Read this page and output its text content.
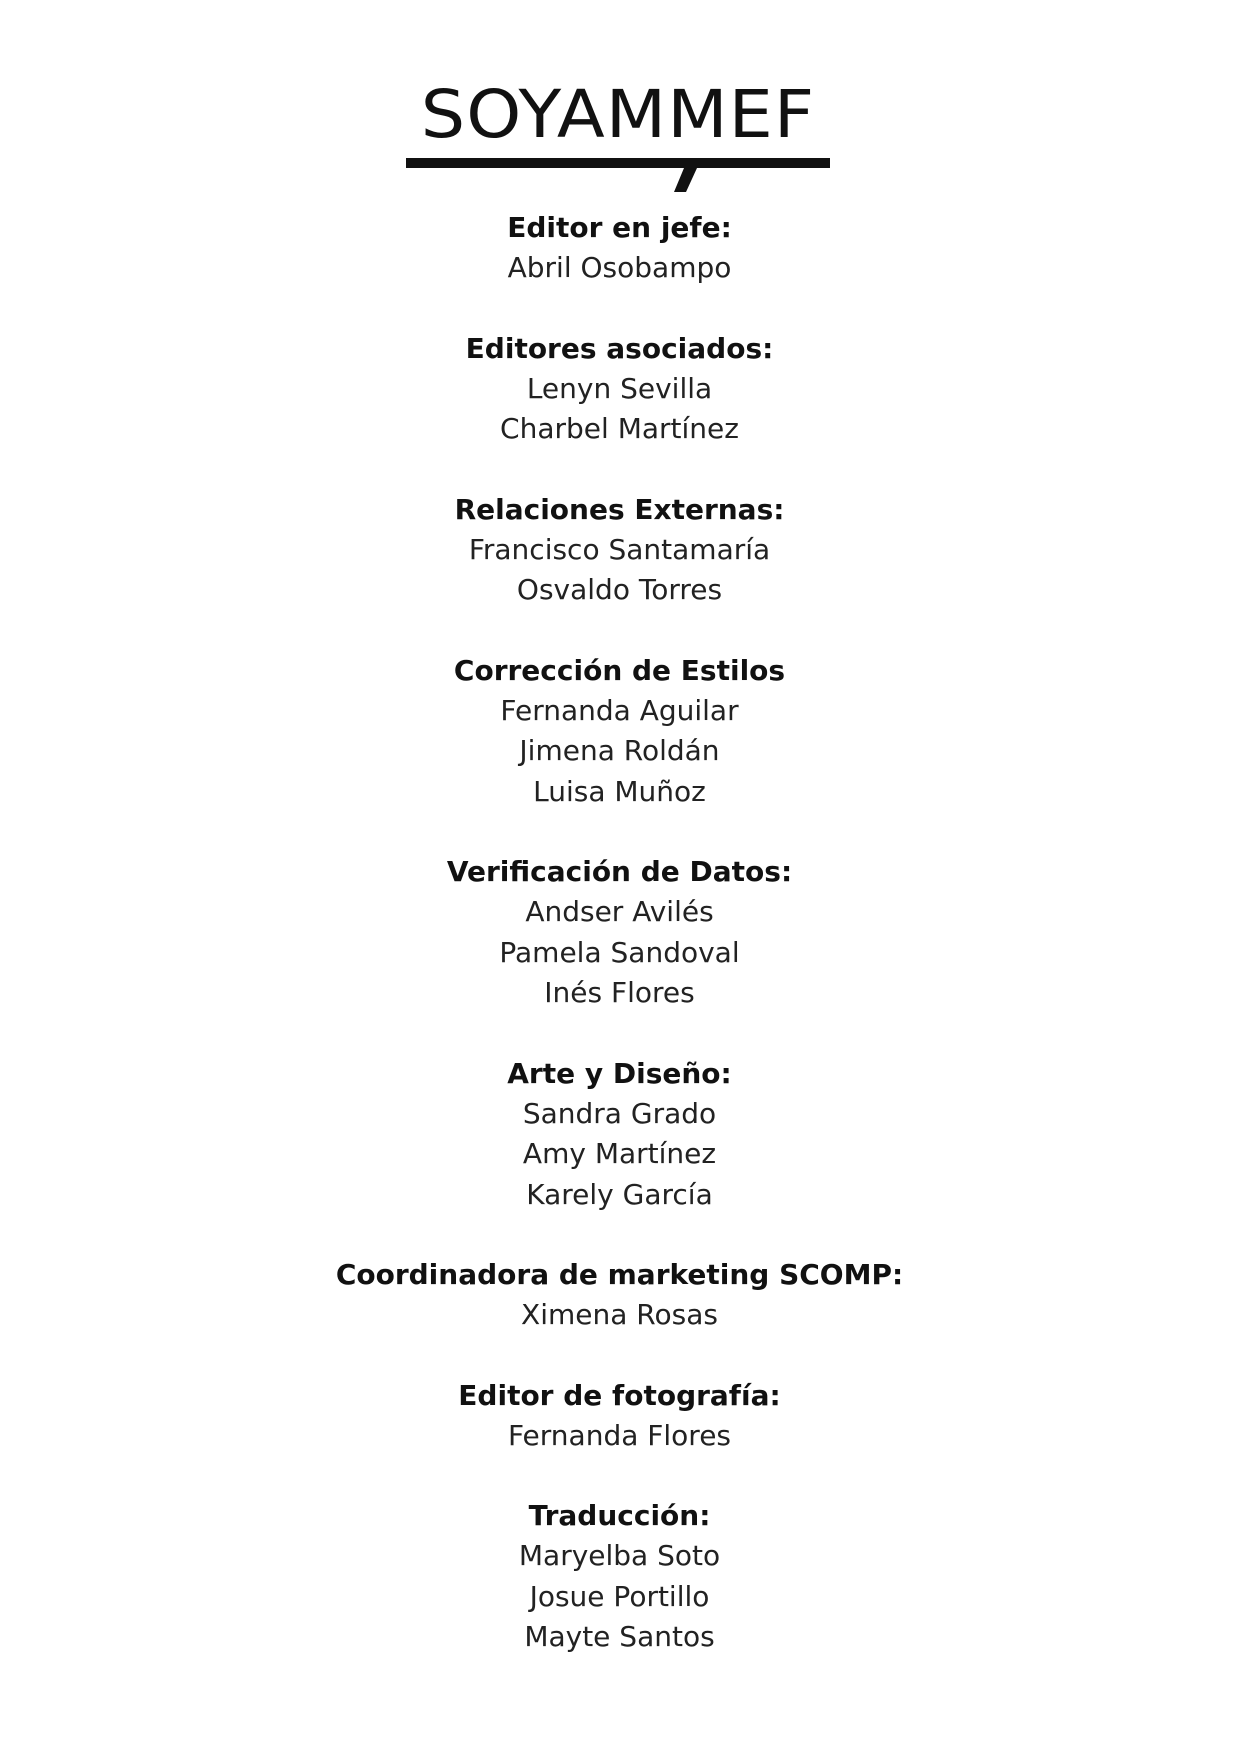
SOYAMMEF
Editor en jefe:
Abril Osobampo
Editores asociados:
Lenyn Sevilla
Charbel Martínez
Relaciones Externas:
Francisco Santamaría
Osvaldo Torres
Corrección de Estilos
Fernanda Aguilar
Jimena Roldán
Luisa Muñoz
Verificación de Datos:
Andser Avilés
Pamela Sandoval
Inés Flores
Arte y Diseño:
Sandra Grado
Amy Martínez
Karely García
Coordinadora de marketing SCOMP:
Ximena Rosas
Editor de fotografía:
Fernanda Flores
Traducción:
Maryelba Soto
Josue Portillo
Mayte Santos
